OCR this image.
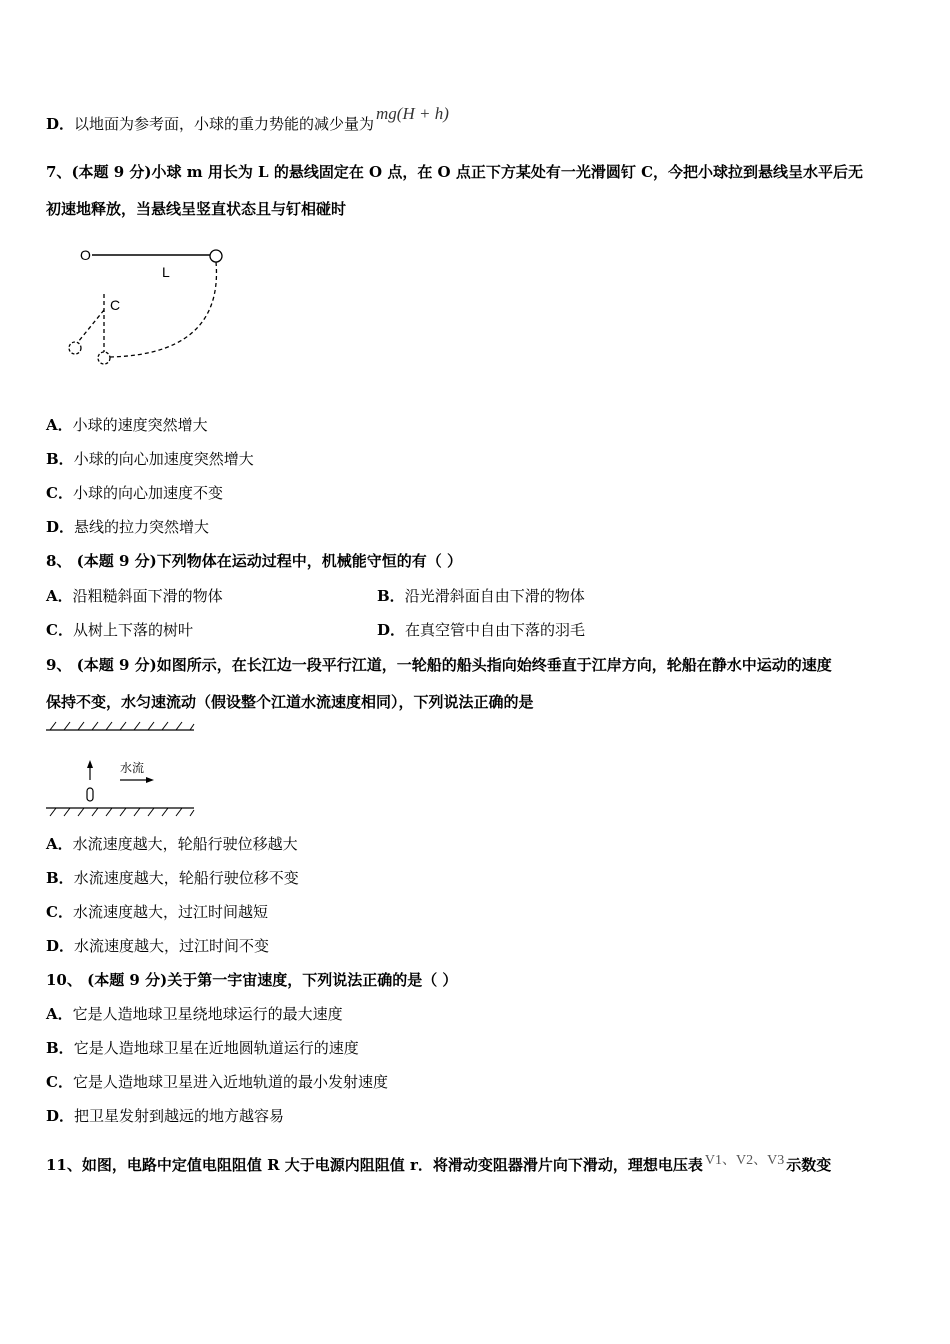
D．以地面为参考面，小球的重力势能的减少量为mg(H + h)
7、(本题 9 分)小球 m 用长为 L 的悬线固定在 O 点，在 O 点正下方某处有一光滑圆钉 C，今把小球拉到悬线呈水平后无
初速地释放，当悬线呈竖直状态且与钉相碰时
O
L
C
A．小球的速度突然增大
B．小球的向心加速度突然增大
C．小球的向心加速度不变
D．悬线的拉力突然增大
8、 (本题 9 分)下列物体在运动过程中，机械能守恒的有（ ）
A．沿粗糙斜面下滑的物体	B．沿光滑斜面自由下滑的物体
C．从树上下落的树叶	D．在真空管中自由下落的羽毛
9、 (本题 9 分)如图所示，在长江边一段平行江道，一轮船的船头指向始终垂直于江岸方向，轮船在静水中运动的速度
保持不变，水匀速流动（假设整个江道水流速度相同），下列说法正确的是
水流
A．水流速度越大，轮船行驶位移越大
B．水流速度越大，轮船行驶位移不变
C．水流速度越大，过江时间越短
D．水流速度越大，过江时间不变
10、 (本题 9 分)关于第一宇宙速度，下列说法正确的是（ ）
A．它是人造地球卫星绕地球运行的最大速度
B．它是人造地球卫星在近地圆轨道运行的速度
C．它是人造地球卫星进入近地轨道的最小发射速度
D．把卫星发射到越远的地方越容易
11、如图，电路中定值电阻阻值 R 大于电源内阻阻值 r．将滑动变阻器滑片向下滑动，理想电压表 V1、V2、V3 示数变
